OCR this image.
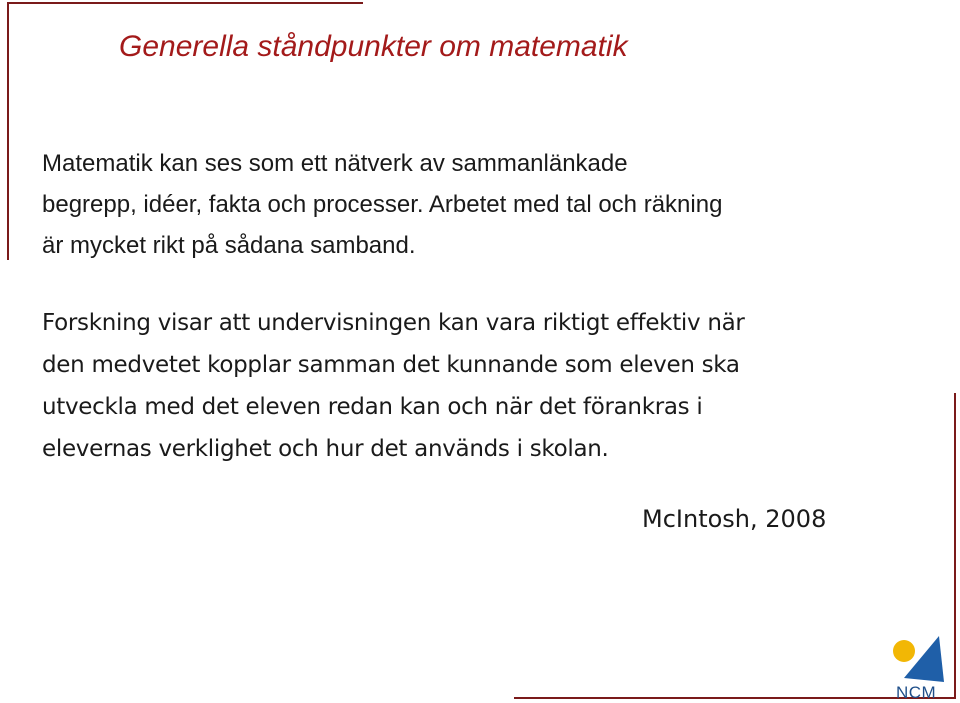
Generella ståndpunkter om matematik

Matematik kan ses som ett nätverk av sammanlänkade
begrepp, idéer, fakta och processer. Arbetet med tal och räkning
är mycket rikt på sådana samband.

Forskning visar att undervisningen kan vara riktigt effektiv när
den medvetet kopplar samman det kunnande som eleven ska
utveckla med det eleven redan kan och när det förankras i
elevernas verklighet och hur det används i skolan.

McIntosh, 2008

NCM
